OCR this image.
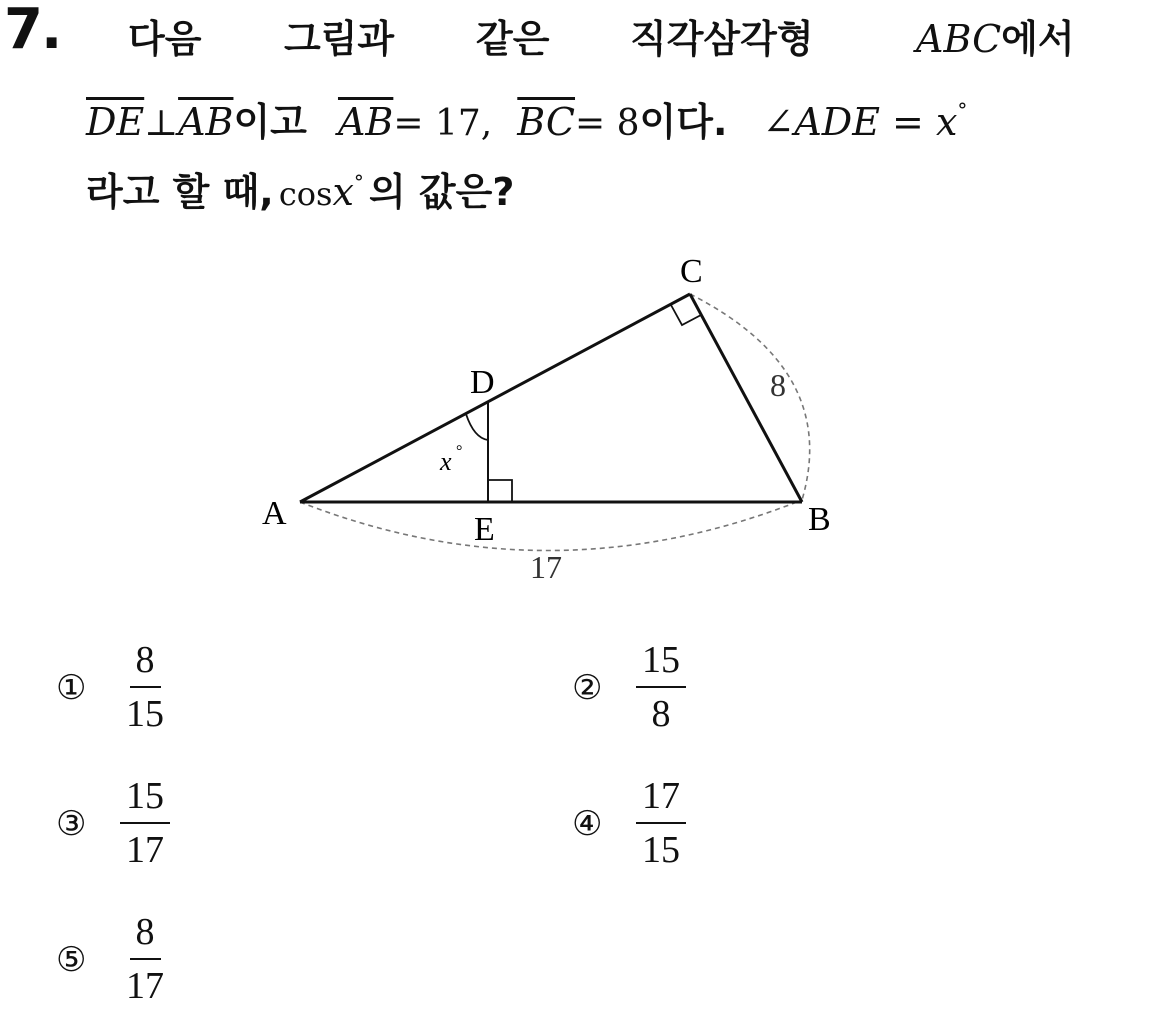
7. 다음 그림과 같은 직각삼각형	ABC에서
$\overline{DE}\perp\overline{AB}$이고 $\overline{AB}= 17$, $\overline{BC}= 8$이다. ∠ADE = x°
라고 할 때, cosx° 의 값은?
C
D
A	B
E
8
17
x °
① $\frac{8}{15}$	② $\frac{15}{8}$
③ $\frac{15}{17}$	④ $\frac{17}{15}$
⑤ $\frac{8}{17}$
